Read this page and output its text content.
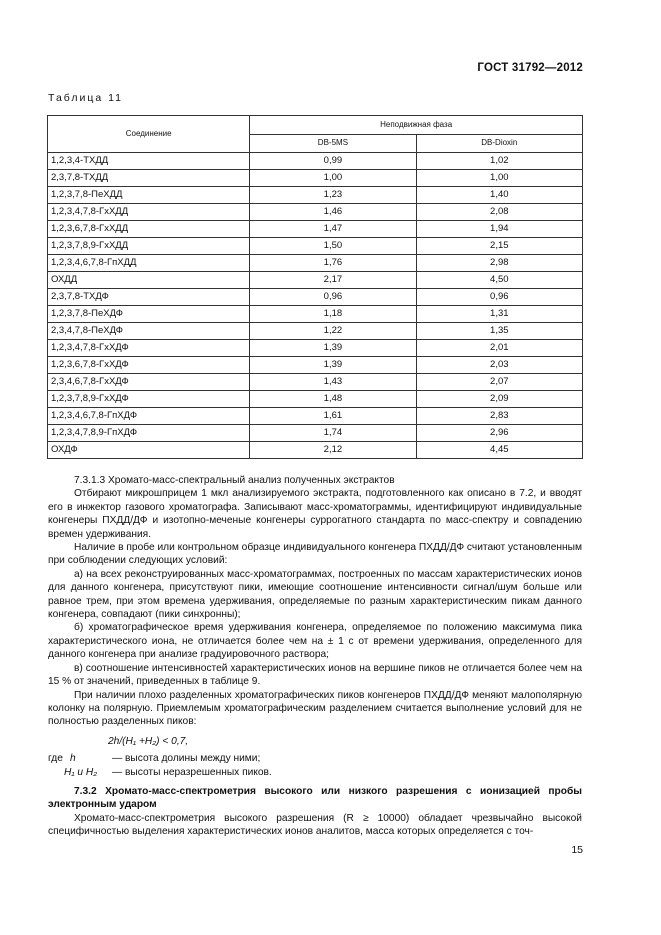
ГОСТ 31792—2012
Таблица 11
Соединение	Неподвижная фаза	
	DB-5MS	DB-Dioxin
1,2,3,4-ТХДД	0,99	1,02
2,3,7,8-ТХДД	1,00	1,00
1,2,3,7,8-ПеХДД	1,23	1,40
1,2,3,4,7,8-ГхХДД	1,46	2,08
1,2,3,6,7,8-ГхХДД	1,47	1,94
1,2,3,7,8,9-ГхХДД	1,50	2,15
1,2,3,4,6,7,8-ГпХДД	1,76	2,98
ОХДД	2,17	4,50
2,3,7,8-ТХДФ	0,96	0,96
1,2,3,7,8-ПеХДФ	1,18	1,31
2,3,4,7,8-ПеХДФ	1,22	1,35
1,2,3,4,7,8-ГхХДФ	1,39	2,01
1,2,3,6,7,8-ГхХДФ	1,39	2,03
2,3,4,6,7,8-ГхХДФ	1,43	2,07
1,2,3,7,8,9-ГхХДФ	1,48	2,09
1,2,3,4,6,7,8-ГпХДФ	1,61	2,83
1,2,3,4,7,8,9-ГпХДФ	1,74	2,96
ОХДФ	2,12	4,45

7.3.1.3 Хромато-масс-спектральный анализ полученных экстрактов

Отбирают микрошприцем 1 мкл анализируемого экстракта, подготовленного как описано в 7.2, и вводят его в инжектор газового хроматографа. Записывают масс-хроматограммы, идентифицируют индивидуальные конгенеры ПХДД/ДФ и изотопно-меченые конгенеры суррогатного стандарта по масс-спектру и совпадению времен удерживания.

Наличие в пробе или контрольном образце индивидуального конгенера ПХДД/ДФ считают установленным при соблюдении следующих условий:

а) на всех реконструированных масс-хроматограммах, построенных по массам характеристических ионов для данного конгенера, присутствуют пики, имеющие соотношение интенсивности сигнал/шум больше или равное трем, при этом времена удерживания, определяемые по разным характеристическим пикам данного конгенера, совпадают (пики синхронны);

б) хроматографическое время удерживания конгенера, определяемое по положению максимума пика характеристического иона, не отличается более чем на ± 1 с от времени удерживания, определенного для данного конгенера при анализе градуировочного раствора;

в) соотношение интенсивностей характеристических ионов на вершине пиков не отличается более чем на 15 % от значений, приведенных в таблице 9.

При наличии плохо разделенных хроматографических пиков конгенеров ПХДД/ДФ меняют малополярную колонку на полярную. Приемлемым хроматографическим разделением считается выполнение условий для не полностью разделенных пиков:

2h/(H₁ +H₂) < 0,7,

где h	— высота долины между ними;
H₁ и H₂	— высоты неразрешенных пиков.

7.3.2 Хромато-масс-спектрометрия высокого или низкого разрешения с ионизацией пробы электронным ударом

Хромато-масс-спектрометрия высокого разрешения (R ≥ 10000) обладает чрезвычайно высокой специфичностью выделения характеристических ионов аналитов, масса которых определяется с точ-

15
